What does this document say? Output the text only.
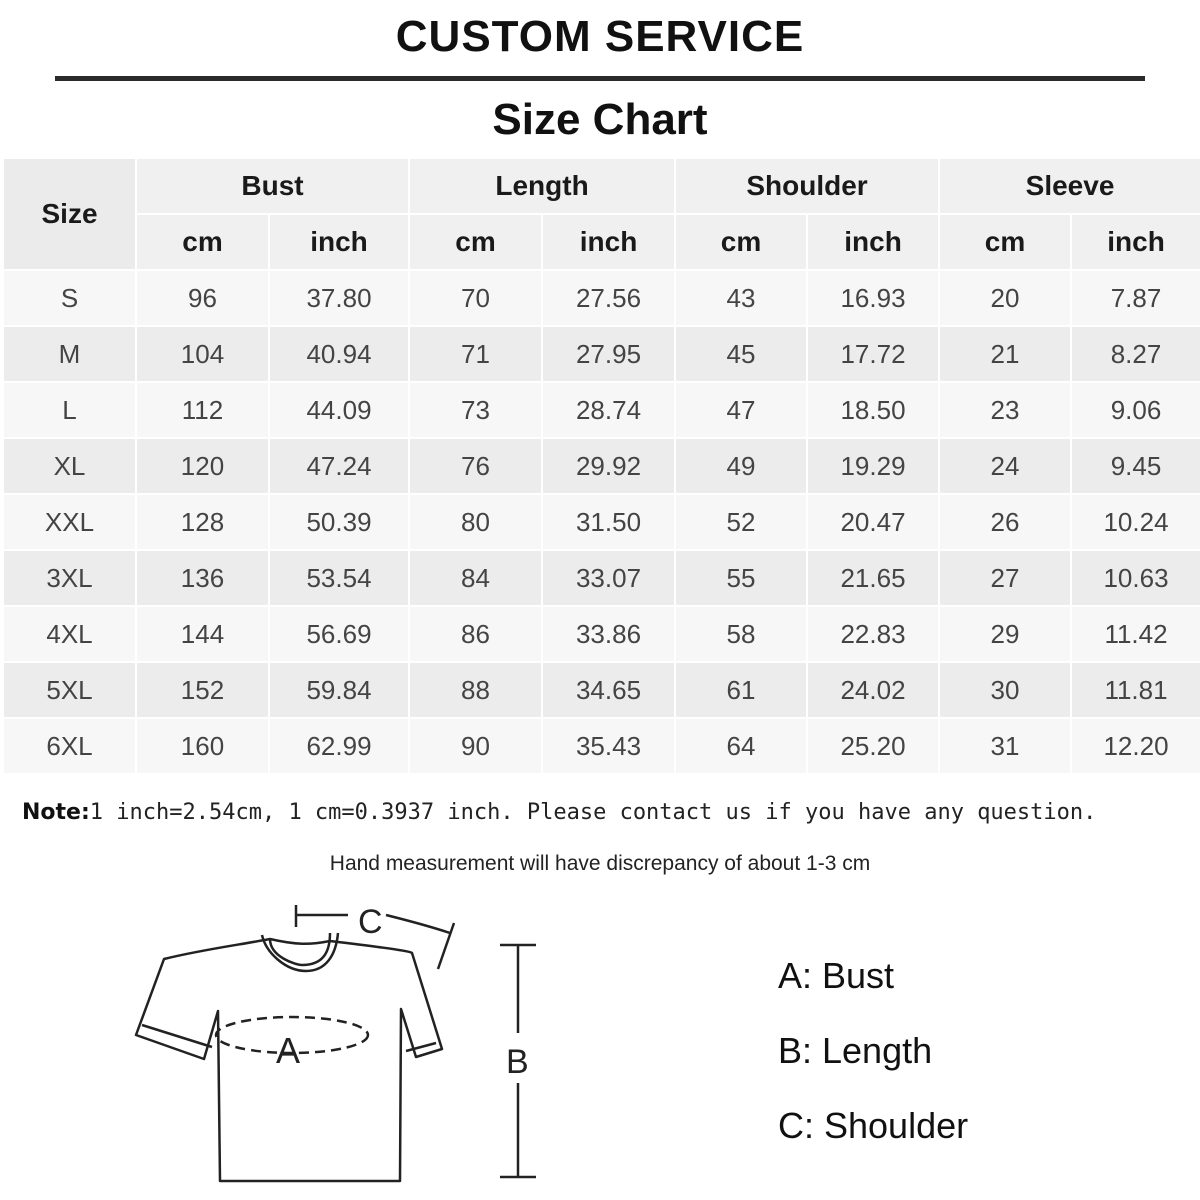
CUSTOM SERVICE
Size Chart
Size	Bust		Length		Shoulder		Sleeve	
	cm	inch	cm	inch	cm	inch	cm	inch
S	96	37.80	70	27.56	43	16.93	20	7.87
M	104	40.94	71	27.95	45	17.72	21	8.27
L	112	44.09	73	28.74	47	18.50	23	9.06
XL	120	47.24	76	29.92	49	19.29	24	9.45
XXL	128	50.39	80	31.50	52	20.47	26	10.24
3XL	136	53.54	84	33.07	55	21.65	27	10.63
4XL	144	56.69	86	33.86	58	22.83	29	11.42
5XL	152	59.84	88	34.65	61	24.02	30	11.81
6XL	160	62.99	90	35.43	64	25.20	31	12.20
Note:1 inch=2.54cm, 1 cm=0.3937 inch. Please contact us if you have any question.
Hand measurement will have discrepancy of about 1-3 cm
C
A	B
A: Bust
B: Length
C: Shoulder
